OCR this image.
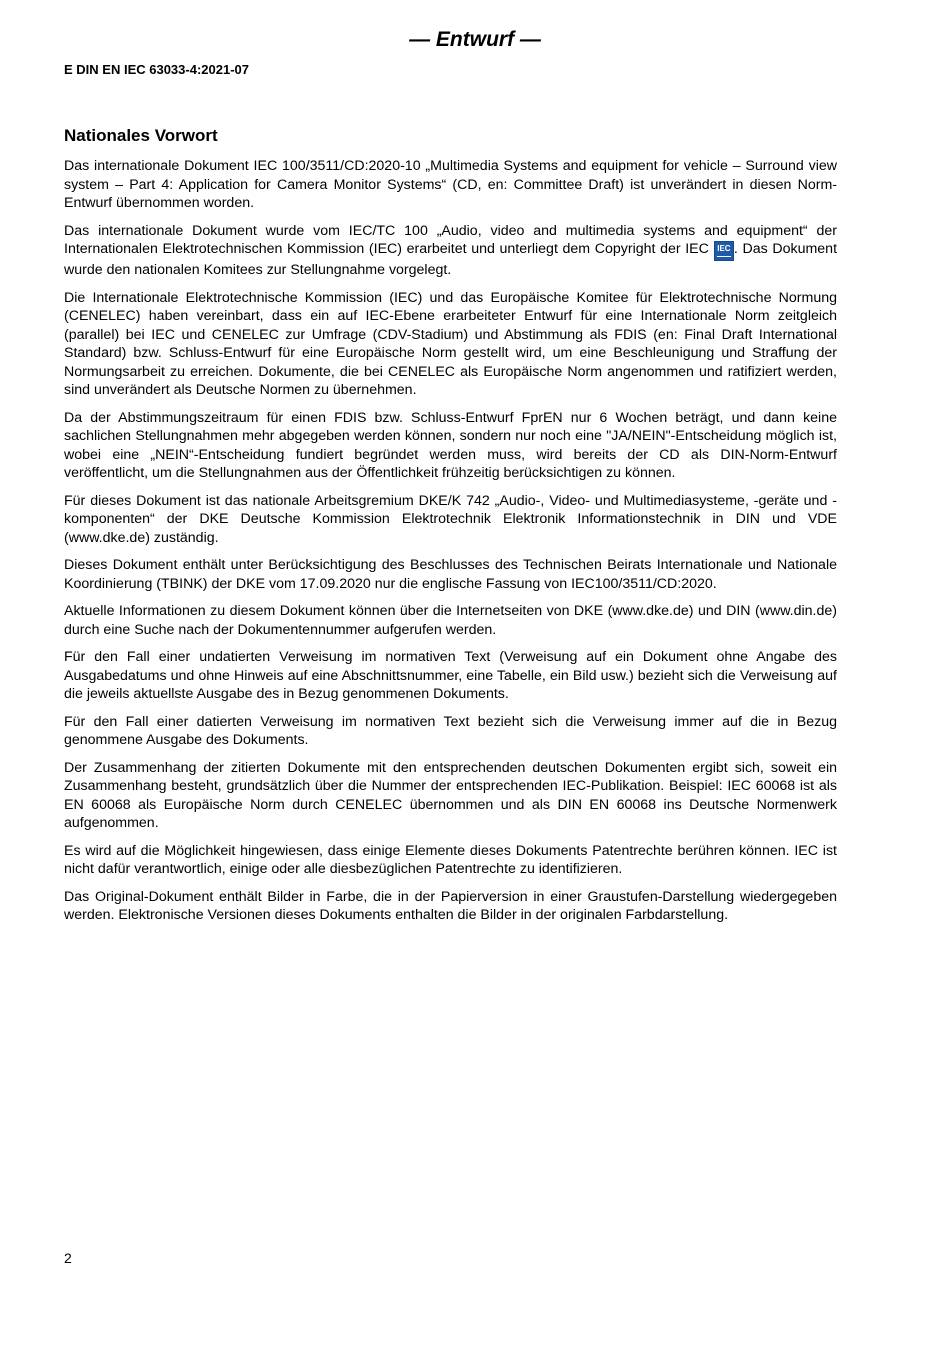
— Entwurf —
E DIN EN IEC 63033-4:2021-07
Nationales Vorwort

Das internationale Dokument IEC 100/3511/CD:2020-10 „Multimedia Systems and equipment for vehicle – Surround view system – Part 4: Application for Camera Monitor Systems“ (CD, en: Committee Draft) ist unverändert in diesen Norm-Entwurf übernommen worden.

Das internationale Dokument wurde vom IEC/TC 100 „Audio, video and multimedia systems and equipment“ der Internationalen Elektrotechnischen Kommission (IEC) erarbeitet und unterliegt dem Copyright der IEC IEC . Das Dokument wurde den nationalen Komitees zur Stellungnahme vorgelegt.

Die Internationale Elektrotechnische Kommission (IEC) und das Europäische Komitee für Elektrotechnische Normung (CENELEC) haben vereinbart, dass ein auf IEC-Ebene erarbeiteter Entwurf für eine Internationale Norm zeitgleich (parallel) bei IEC und CENELEC zur Umfrage (CDV-Stadium) und Abstimmung als FDIS (en: Final Draft International Standard) bzw. Schluss-Entwurf für eine Europäische Norm gestellt wird, um eine Beschleunigung und Straffung der Normungsarbeit zu erreichen. Dokumente, die bei CENELEC als Europäische Norm angenommen und ratifiziert werden, sind unverändert als Deutsche Normen zu übernehmen.

Da der Abstimmungszeitraum für einen FDIS bzw. Schluss-Entwurf FprEN nur 6 Wochen beträgt, und dann keine sachlichen Stellungnahmen mehr abgegeben werden können, sondern nur noch eine "JA/NEIN"-Entscheidung möglich ist, wobei eine „NEIN“-Entscheidung fundiert begründet werden muss, wird bereits der CD als DIN-Norm-Entwurf veröffentlicht, um die Stellungnahmen aus der Öffentlichkeit frühzeitig berücksichtigen zu können.

Für dieses Dokument ist das nationale Arbeitsgremium DKE/K 742 „Audio-, Video- und Multimediasysteme, -geräte und -komponenten“ der DKE Deutsche Kommission Elektrotechnik Elektronik Informationstechnik in DIN und VDE (www.dke.de) zuständig.

Dieses Dokument enthält unter Berücksichtigung des Beschlusses des Technischen Beirats Internationale und Nationale Koordinierung (TBINK) der DKE vom 17.09.2020 nur die englische Fassung von IEC100/3511/CD:2020.

Aktuelle Informationen zu diesem Dokument können über die Internetseiten von DKE (www.dke.de) und DIN (www.din.de) durch eine Suche nach der Dokumentennummer aufgerufen werden.

Für den Fall einer undatierten Verweisung im normativen Text (Verweisung auf ein Dokument ohne Angabe des Ausgabedatums und ohne Hinweis auf eine Abschnittsnummer, eine Tabelle, ein Bild usw.) bezieht sich die Verweisung auf die jeweils aktuellste Ausgabe des in Bezug genommenen Dokuments.

Für den Fall einer datierten Verweisung im normativen Text bezieht sich die Verweisung immer auf die in Bezug genommene Ausgabe des Dokuments.

Der Zusammenhang der zitierten Dokumente mit den entsprechenden deutschen Dokumenten ergibt sich, soweit ein Zusammenhang besteht, grundsätzlich über die Nummer der entsprechenden IEC-Publikation. Beispiel: IEC 60068 ist als EN 60068 als Europäische Norm durch CENELEC übernommen und als DIN EN 60068 ins Deutsche Normenwerk aufgenommen.

Es wird auf die Möglichkeit hingewiesen, dass einige Elemente dieses Dokuments Patentrechte berühren können. IEC ist nicht dafür verantwortlich, einige oder alle diesbezüglichen Patentrechte zu identifizieren.

Das Original-Dokument enthält Bilder in Farbe, die in der Papierversion in einer Graustufen-Darstellung wiedergegeben werden. Elektronische Versionen dieses Dokuments enthalten die Bilder in der originalen Farbdarstellung.

2
